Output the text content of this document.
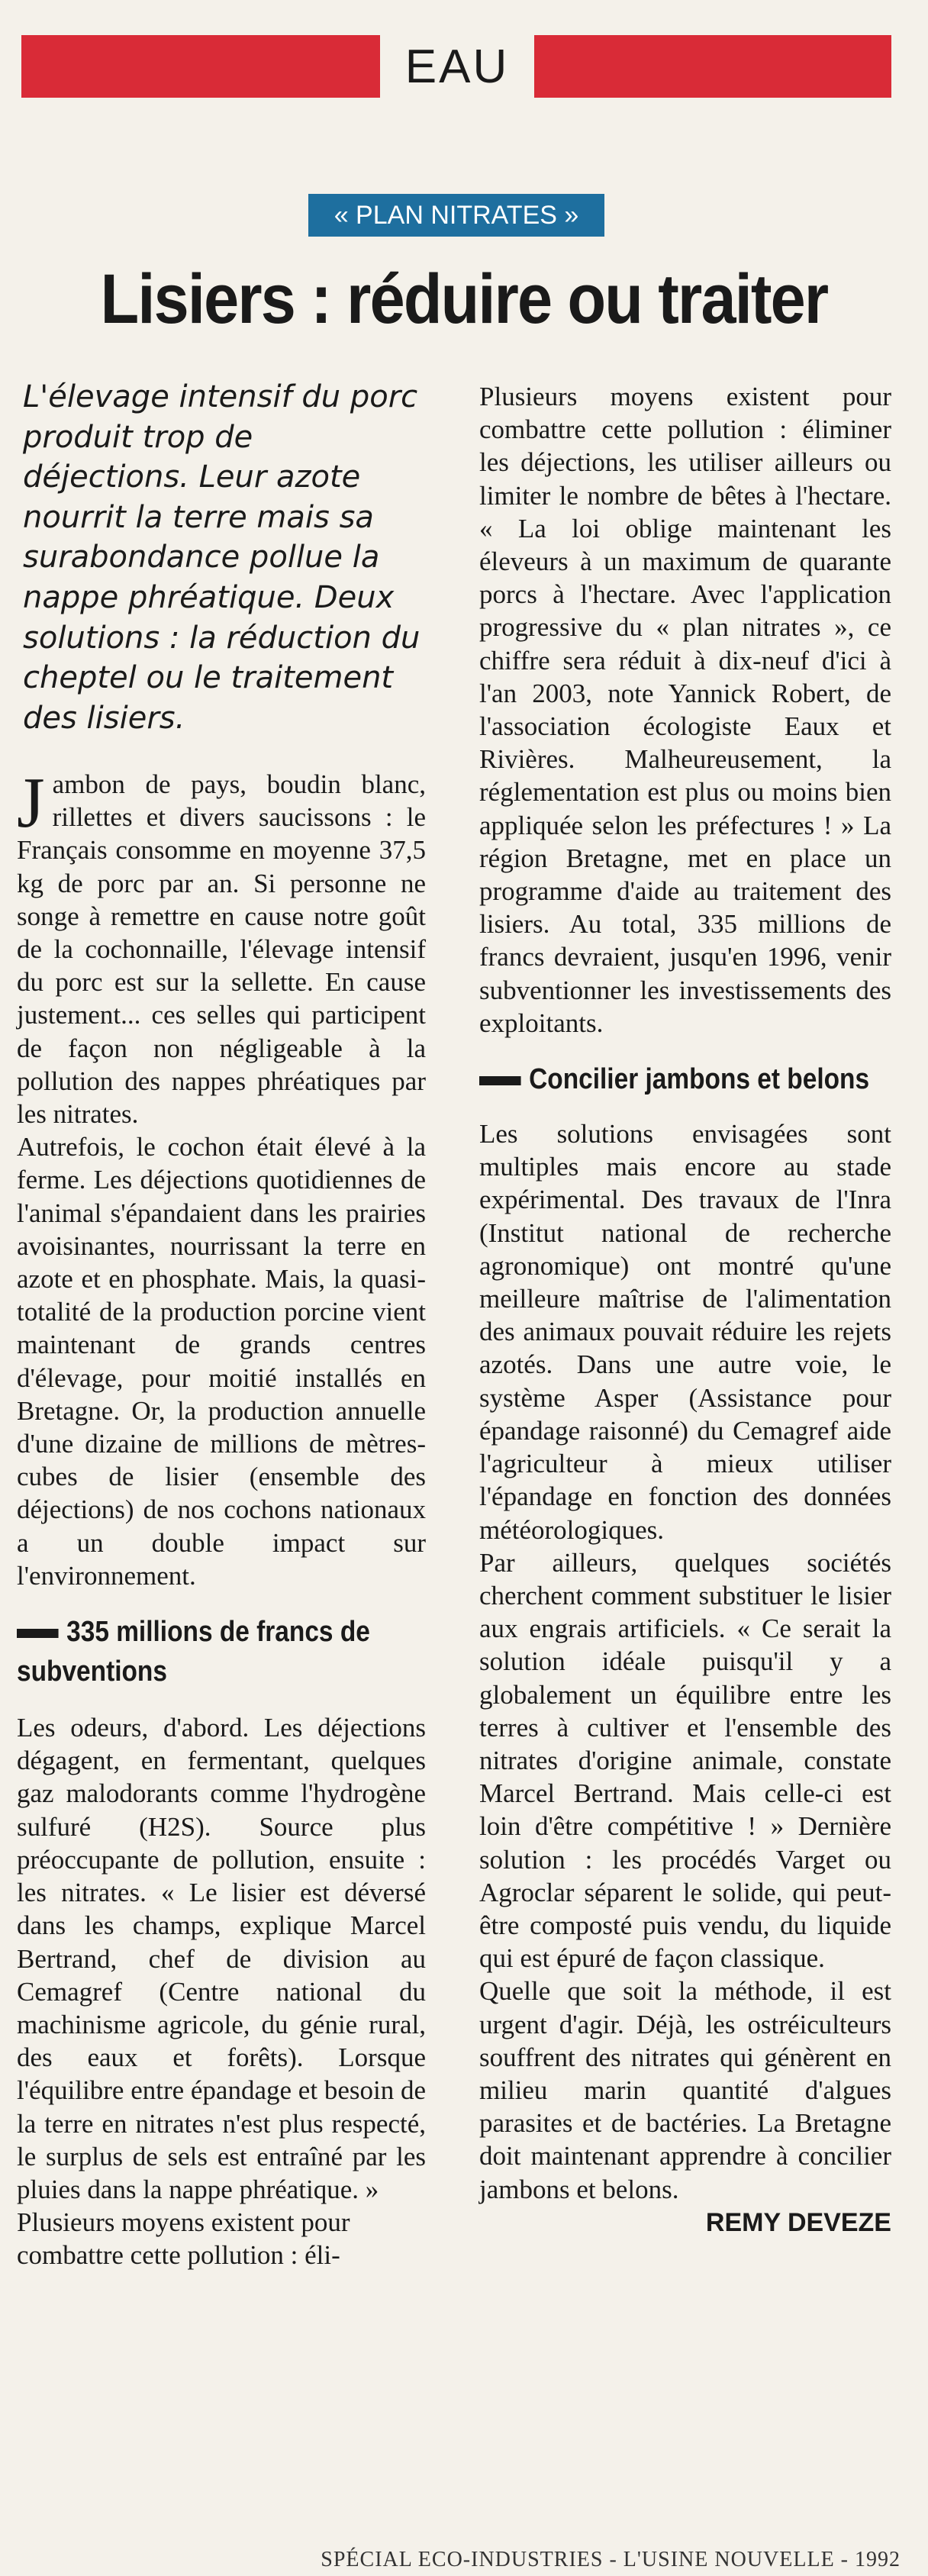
EAU
« PLAN NITRATES »
Lisiers : réduire ou traiter
L'élevage intensif du porc produit trop de déjections. Leur azote nourrit la terre mais sa surabondance pollue la nappe phréatique. Deux solutions : la réduction du cheptel ou le traitement des lisiers.

Jambon de pays, boudin blanc, rillettes et divers saucissons : le Français consomme en moyenne 37,5 kg de porc par an. Si personne ne songe à remettre en cause notre goût de la cochonnaille, l'élevage intensif du porc est sur la sellette. En cause justement... ces selles qui participent de façon non négligeable à la pollution des nappes phréatiques par les nitrates.

Autrefois, le cochon était élevé à la ferme. Les déjections quotidiennes de l'animal s'épandaient dans les prairies avoisinantes, nourrissant la terre en azote et en phosphate. Mais, la quasi-totalité de la production porcine vient maintenant de grands centres d'élevage, pour moitié installés en Bretagne. Or, la production annuelle d'une dizaine de millions de mètres-cubes de lisier (ensemble des déjections) de nos cochons nationaux a un double impact sur l'environnement.

335 millions de francs de subventions

Les odeurs, d'abord. Les déjections dégagent, en fermentant, quelques gaz malodorants comme l'hydrogène sulfuré (H2S). Source plus préoccupante de pollution, ensuite : les nitrates. « Le lisier est déversé dans les champs, explique Marcel Bertrand, chef de division au Cemagref (Centre national du machinisme agricole, du génie rural, des eaux et forêts). Lorsque l'équilibre entre épandage et besoin de la terre en nitrates n'est plus respecté, le surplus de sels est entraîné par les pluies dans la nappe phréatique. »

Plusieurs moyens existent pour combattre cette pollution : éli-

Plusieurs moyens existent pour combattre cette pollution : éliminer les déjections, les utiliser ailleurs ou limiter le nombre de bêtes à l'hectare. « La loi oblige maintenant les éleveurs à un maximum de quarante porcs à l'hectare. Avec l'application progressive du « plan nitrates », ce chiffre sera réduit à dix-neuf d'ici à l'an 2003, note Yannick Robert, de l'association écologiste Eaux et Rivières. Malheureusement, la réglementation est plus ou moins bien appliquée selon les préfectures ! » La région Bretagne, met en place un programme d'aide au traitement des lisiers. Au total, 335 millions de francs devraient, jusqu'en 1996, venir subventionner les investissements des exploitants.

Concilier jambons et belons

Les solutions envisagées sont multiples mais encore au stade expérimental. Des travaux de l'Inra (Institut national de recherche agronomique) ont montré qu'une meilleure maîtrise de l'alimentation des animaux pouvait réduire les rejets azotés. Dans une autre voie, le système Asper (Assistance pour épandage raisonné) du Cemagref aide l'agriculteur à mieux utiliser l'épandage en fonction des données météorologiques.

Par ailleurs, quelques sociétés cherchent comment substituer le lisier aux engrais artificiels. « Ce serait la solution idéale puisqu'il y a globalement un équilibre entre les terres à cultiver et l'ensemble des nitrates d'origine animale, constate Marcel Bertrand. Mais celle-ci est loin d'être compétitive ! » Dernière solution : les procédés Varget ou Agroclar séparent le solide, qui peut-être composté puis vendu, du liquide qui est épuré de façon classique.

Quelle que soit la méthode, il est urgent d'agir. Déjà, les ostréiculteurs souffrent des nitrates qui génèrent en milieu marin quantité d'algues parasites et de bactéries. La Bretagne doit maintenant apprendre à concilier jambons et belons.

REMY DEVEZE
SPÉCIAL ECO-INDUSTRIES - L'USINE NOUVELLE - 1992
